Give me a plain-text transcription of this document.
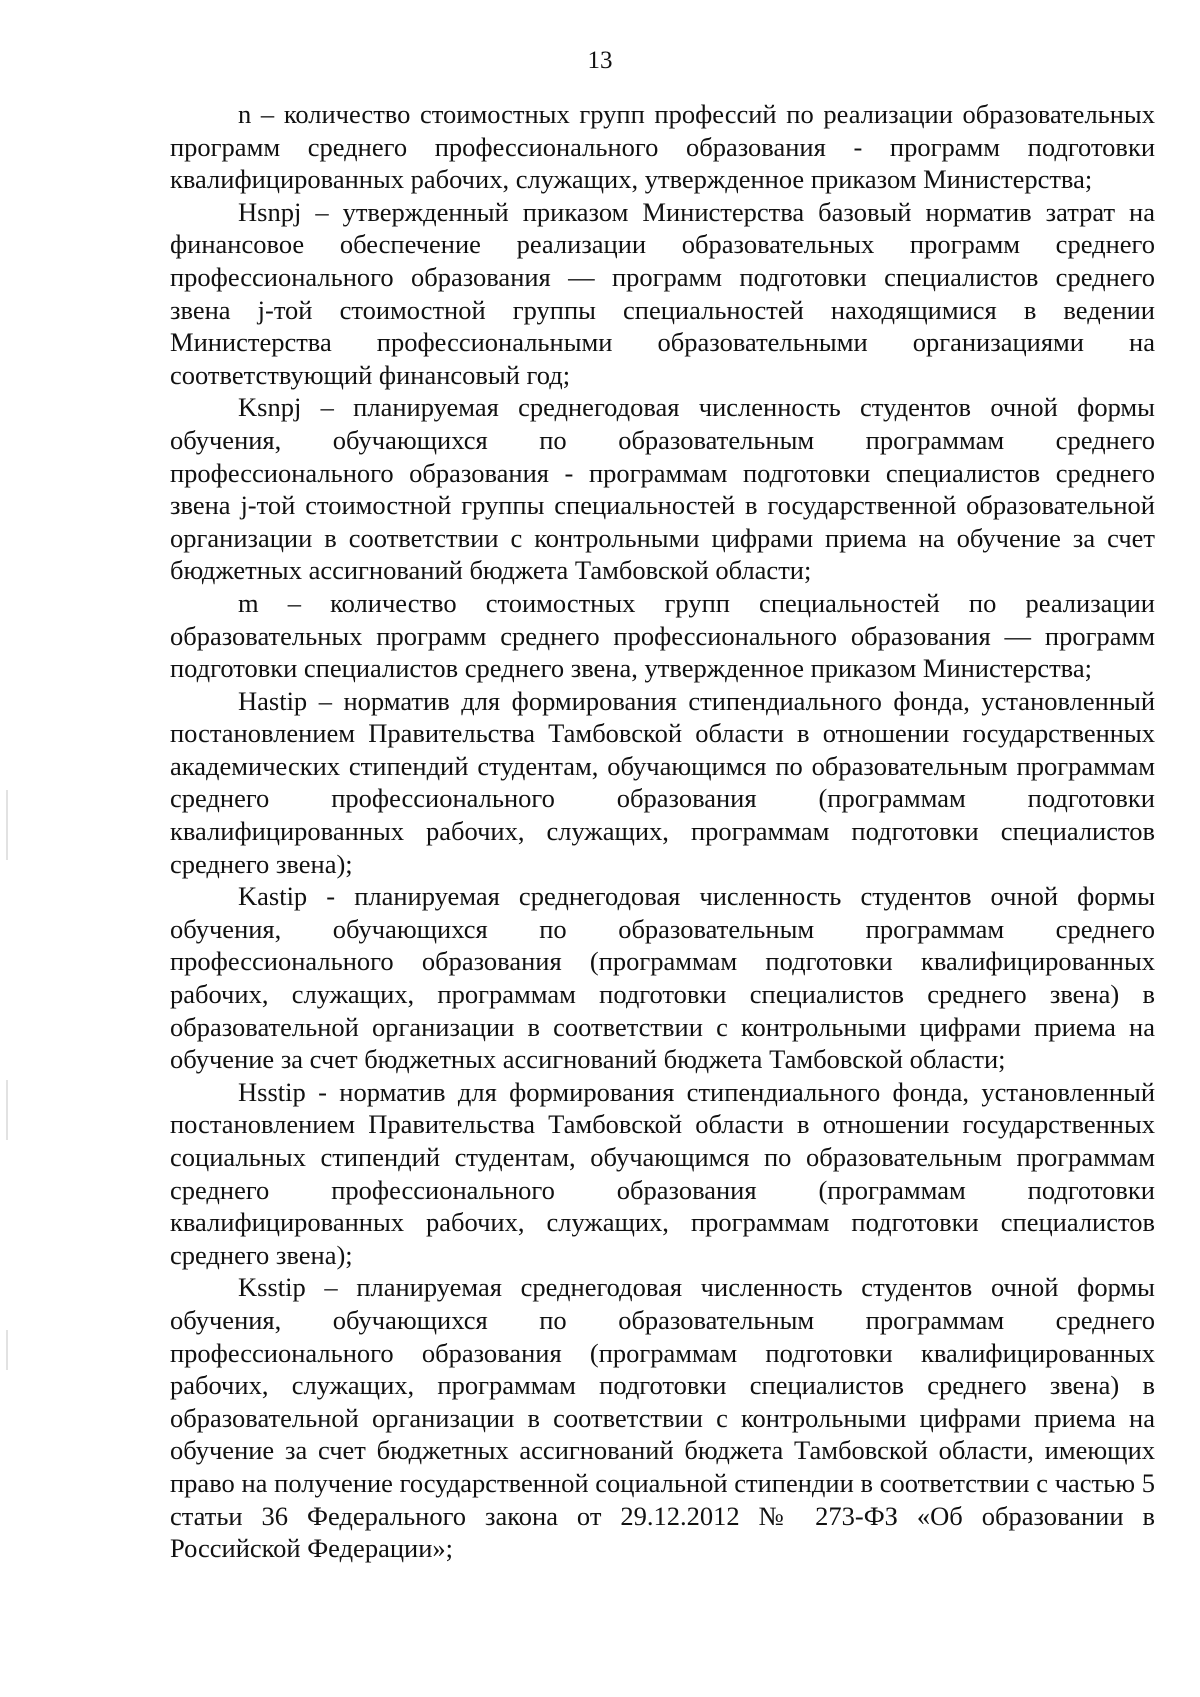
13

n – количество стоимостных групп профессий по реализации образовательных программ среднего профессионального образования - программ подготовки квалифицированных рабочих, служащих, утвержденное приказом Министерства;

Hsnpj – утвержденный приказом Министерства базовый норматив затрат на финансовое обеспечение реализации образовательных программ среднего профессионального образования — программ подготовки специалистов среднего звена j-той стоимостной группы специальностей находящимися в ведении Министерства профессиональными образовательными организациями на соответствующий финансовый год;

Ksnpj – планируемая среднегодовая численность студентов очной формы обучения, обучающихся по образовательным программам среднего профессионального образования - программам подготовки специалистов среднего звена j-той стоимостной группы специальностей в государственной образовательной организации в соответствии с контрольными цифрами приема на обучение за счет бюджетных ассигнований бюджета Тамбовской области;

m – количество стоимостных групп специальностей по реализации образовательных программ среднего профессионального образования — программ подготовки специалистов среднего звена, утвержденное приказом Министерства;

Hastip – норматив для формирования стипендиального фонда, установленный постановлением Правительства Тамбовской области в отношении государственных академических стипендий студентам, обучающимся по образовательным программам среднего профессионального образования (программам подготовки квалифицированных рабочих, служащих, программам подготовки специалистов среднего звена);

Kastip - планируемая среднегодовая численность студентов очной формы обучения, обучающихся по образовательным программам среднего профессионального образования (программам подготовки квалифицированных рабочих, служащих, программам подготовки специалистов среднего звена) в образовательной организации в соответствии с контрольными цифрами приема на обучение за счет бюджетных ассигнований бюджета Тамбовской области;

Hsstip - норматив для формирования стипендиального фонда, установленный постановлением Правительства Тамбовской области в отношении государственных социальных стипендий студентам, обучающимся по образовательным программам среднего профессионального образования (программам подготовки квалифицированных рабочих, служащих, программам подготовки специалистов среднего звена);

Ksstip – планируемая среднегодовая численность студентов очной формы обучения, обучающихся по образовательным программам среднего профессионального образования (программам подготовки квалифицированных рабочих, служащих, программам подготовки специалистов среднего звена) в образовательной организации в соответствии с контрольными цифрами приема на обучение за счет бюджетных ассигнований бюджета Тамбовской области, имеющих право на получение государственной социальной стипендии в соответствии с частью 5 статьи 36 Федерального закона от 29.12.2012 № 273-ФЗ «Об образовании в Российской Федерации»;
